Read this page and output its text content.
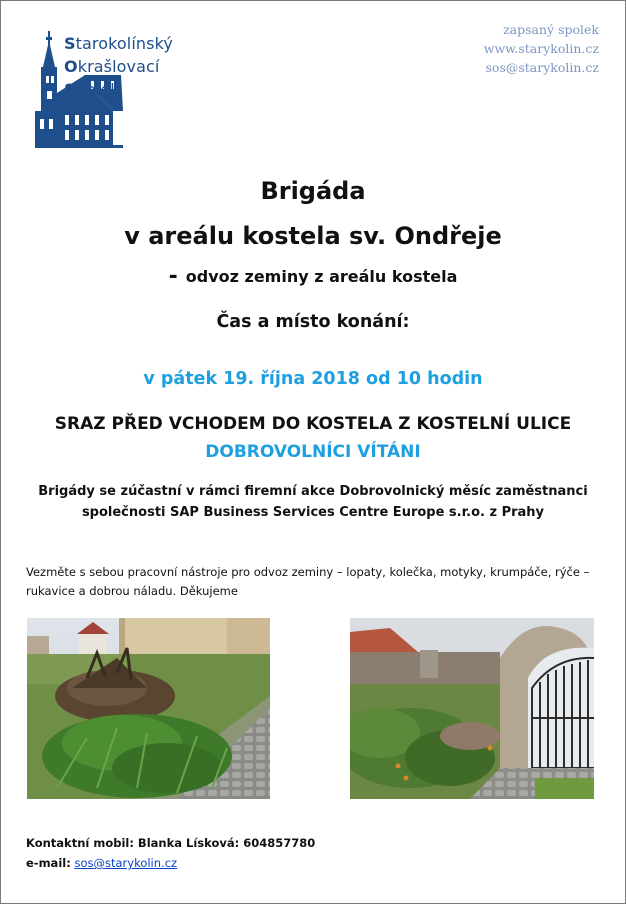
Starokolínský
Okrašlovací
Spolek
zapsaný spolek
www.starykolin.cz
sos@starykolin.cz
Brigáda
v areálu kostela sv. Ondřeje
- odvoz zeminy z areálu kostela
Čas a místo konání:
v pátek 19. října 2018 od 10 hodin
SRAZ PŘED VCHODEM DO KOSTELA Z KOSTELNÍ ULICE
DOBROVOLNÍCI VÍTÁNI
Brigády se zúčastní v rámci firemní akce Dobrovolnický měsíc zaměstnanci
společnosti SAP Business Services Centre Europe s.r.o. z Prahy
Vezměte s sebou pracovní nástroje pro odvoz zeminy – lopaty, kolečka, motyky, krumpáče, rýče –
rukavice a dobrou náladu. Děkujeme
Kontaktní mobil: Blanka Lísková: 604857780
e-mail: sos@starykolin.cz
